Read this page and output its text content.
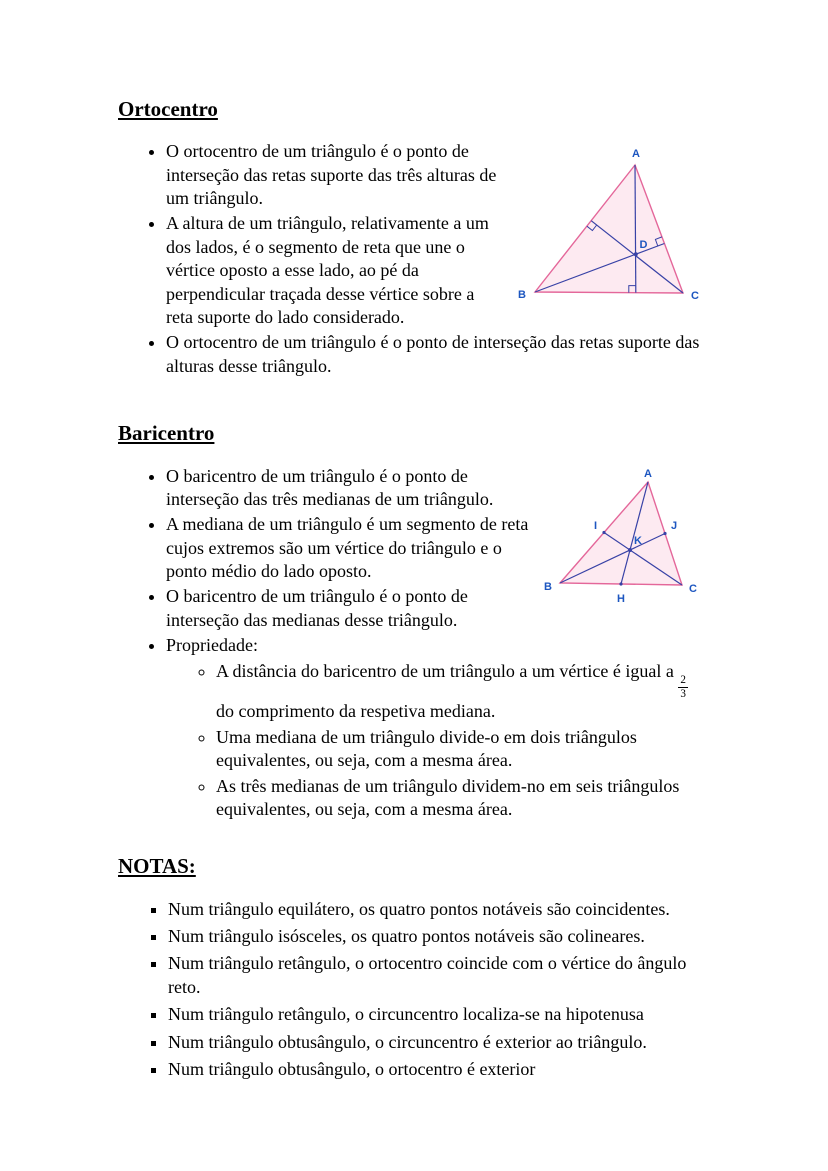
Ortocentro
A
B	C
D
• O ortocentro de um triângulo é o ponto de interseção das retas suporte das três alturas de um triângulo.
• A altura de um triângulo, relativamente a um dos lados, é o segmento de reta que une o vértice oposto a esse lado, ao pé da perpendicular traçada desse vértice sobre a reta suporte do lado considerado.
• O ortocentro de um triângulo é o ponto de interseção das retas suporte das alturas desse triângulo.
Baricentro
A
B	C
I	J
K
H
• O baricentro de um triângulo é o ponto de interseção das três medianas de um triângulo.
• A mediana de um triângulo é um segmento de reta cujos extremos são um vértice do triângulo e o ponto médio do lado oposto.
• O baricentro de um triângulo é o ponto de interseção das medianas desse triângulo.
• Propriedade:
◦ A distância do baricentro de um triângulo a um vértice é igual a
$\frac{2}{3}$
do comprimento da respetiva mediana.
◦ Uma mediana de um triângulo divide-o em dois triângulos equivalentes, ou seja, com a mesma área.
◦ As três medianas de um triângulo dividem-no em seis triângulos equivalentes, ou seja, com a mesma área.
NOTAS:
▪ Num triângulo equilátero, os quatro pontos notáveis são coincidentes.
▪ Num triângulo isósceles, os quatro pontos notáveis são colineares.
▪ Num triângulo retângulo, o ortocentro coincide com o vértice do ângulo reto.
▪ Num triângulo retângulo, o circuncentro localiza-se na hipotenusa
▪ Num triângulo obtusângulo, o circuncentro é exterior ao triângulo.
▪ Num triângulo obtusângulo, o ortocentro é exterior
